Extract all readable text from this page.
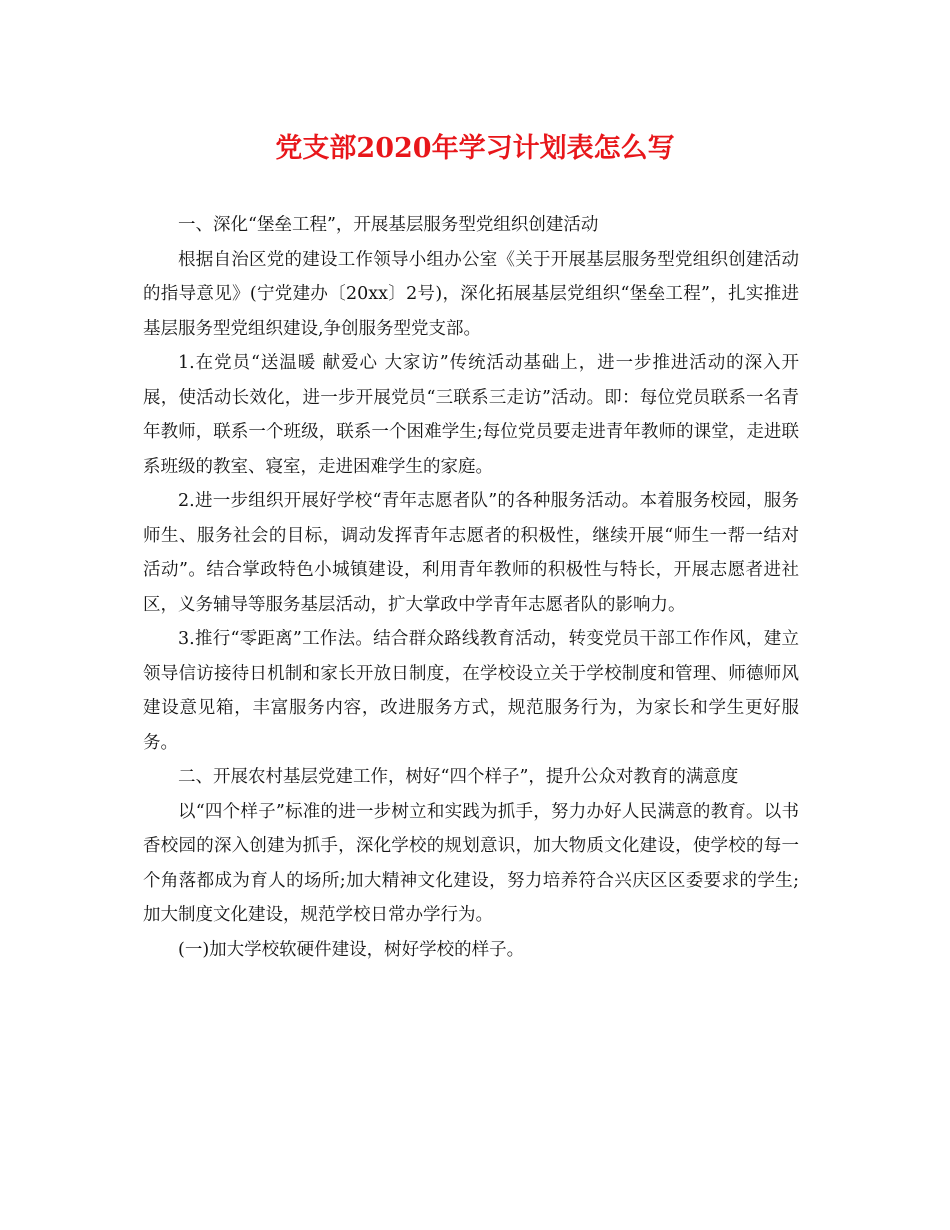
党支部2020年学习计划表怎么写

一、深化“堡垒工程”，开展基层服务型党组织创建活动

根据自治区党的建设工作领导小组办公室《关于开展基层服务型党组织创建活动的指导意见》(宁党建办〔20xx〕2号)，深化拓展基层党组织“堡垒工程”，扎实推进基层服务型党组织建设,争创服务型党支部。

1.在党员“送温暖 献爱心 大家访”传统活动基础上，进一步推进活动的深入开展，使活动长效化，进一步开展党员“三联系三走访”活动。即：每位党员联系一名青年教师，联系一个班级，联系一个困难学生;每位党员要走进青年教师的课堂，走进联系班级的教室、寝室，走进困难学生的家庭。

2.进一步组织开展好学校“青年志愿者队”的各种服务活动。本着服务校园，服务师生、服务社会的目标，调动发挥青年志愿者的积极性，继续开展“师生一帮一结对活动”。结合掌政特色小城镇建设，利用青年教师的积极性与特长，开展志愿者进社区，义务辅导等服务基层活动，扩大掌政中学青年志愿者队的影响力。

3.推行“零距离”工作法。结合群众路线教育活动，转变党员干部工作作风，建立领导信访接待日机制和家长开放日制度，在学校设立关于学校制度和管理、师德师风建设意见箱，丰富服务内容，改进服务方式，规范服务行为，为家长和学生更好服务。

二、开展农村基层党建工作，树好“四个样子”，提升公众对教育的满意度

以“四个样子”标准的进一步树立和实践为抓手，努力办好人民满意的教育。以书香校园的深入创建为抓手，深化学校的规划意识，加大物质文化建设，使学校的每一个角落都成为育人的场所;加大精神文化建设，努力培养符合兴庆区区委要求的学生;加大制度文化建设，规范学校日常办学行为。

(一)加大学校软硬件建设，树好学校的样子。
